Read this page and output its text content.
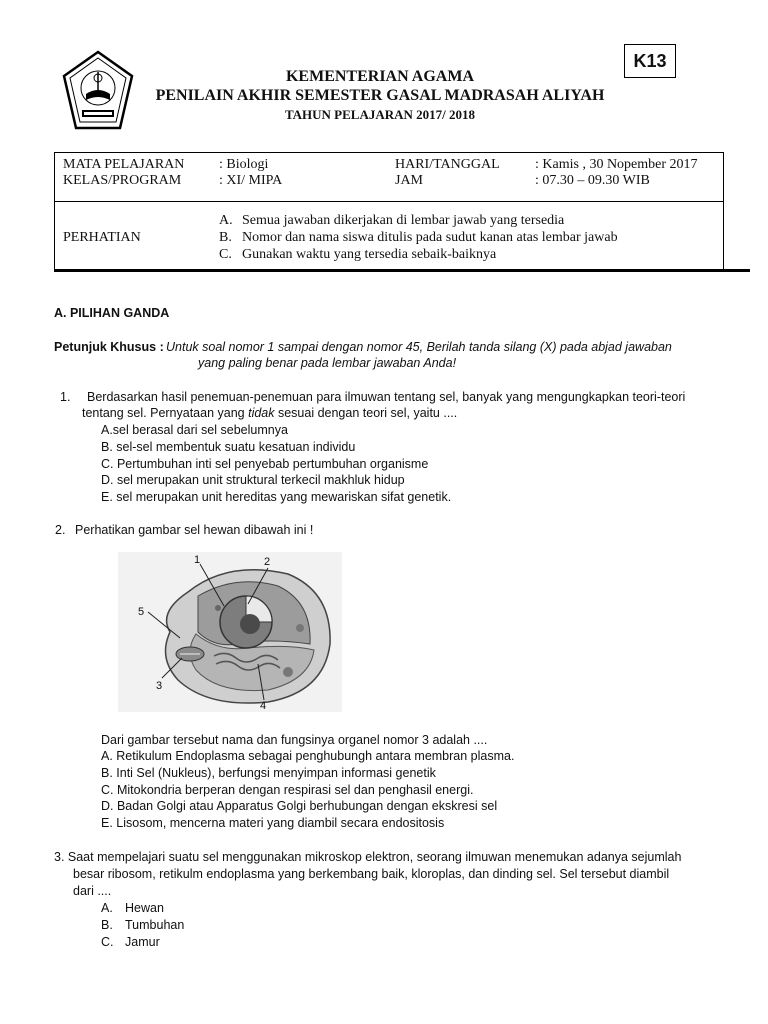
K13
KEMENTERIAN AGAMA
PENILAIN AKHIR SEMESTER GASAL MADRASAH ALIYAH
TAHUN PELAJARAN 2017/ 2018
MATA PELAJARAN : Biologi	HARI/TANGGAL	: Kamis , 30 Nopember 2017
KELAS/PROGRAM	: XI/ MIPA	JAM	: 07.30 – 09.30 WIB
PERHATIAN
A. Semua jawaban dikerjakan di lembar jawab yang tersedia
B. Nomor dan nama siswa ditulis pada sudut kanan atas lembar jawab
C. Gunakan waktu yang tersedia sebaik-baiknya
A. PILIHAN GANDA
Petunjuk Khusus : Untuk soal nomor 1 sampai dengan nomor 45, Berilah tanda silang (X) pada abjad jawaban
yang paling benar pada lembar jawaban Anda!
1. Berdasarkan hasil penemuan-penemuan para ilmuwan tentang sel, banyak yang mengungkapkan teori-teori
tentang sel. Pernyataan yang tidak sesuai dengan teori sel, yaitu ....
A.sel berasal dari sel sebelumnya
B. sel-sel membentuk suatu kesatuan individu
C. Pertumbuhan inti sel penyebab pertumbuhan organisme
D. sel merupakan unit struktural terkecil makhluk hidup
E. sel merupakan unit hereditas yang mewariskan sifat genetik.
2. Perhatikan gambar sel hewan dibawah ini !
1	2
3
4
5
Dari gambar tersebut nama dan fungsinya organel nomor 3 adalah ....
A. Retikulum Endoplasma sebagai penghubungh antara membran plasma.
B. Inti Sel (Nukleus), berfungsi menyimpan informasi genetik
C. Mitokondria berperan dengan respirasi sel dan penghasil energi.
D. Badan Golgi atau Apparatus Golgi berhubungan dengan ekskresi sel
E. Lisosom, mencerna materi yang diambil secara endositosis
3. Saat mempelajari suatu sel menggunakan mikroskop elektron, seorang ilmuwan menemukan adanya sejumlah
besar ribosom, retikulm endoplasma yang berkembang baik, kloroplas, dan dinding sel. Sel tersebut diambil
dari ....
A. Hewan
B. Tumbuhan
C. Jamur
